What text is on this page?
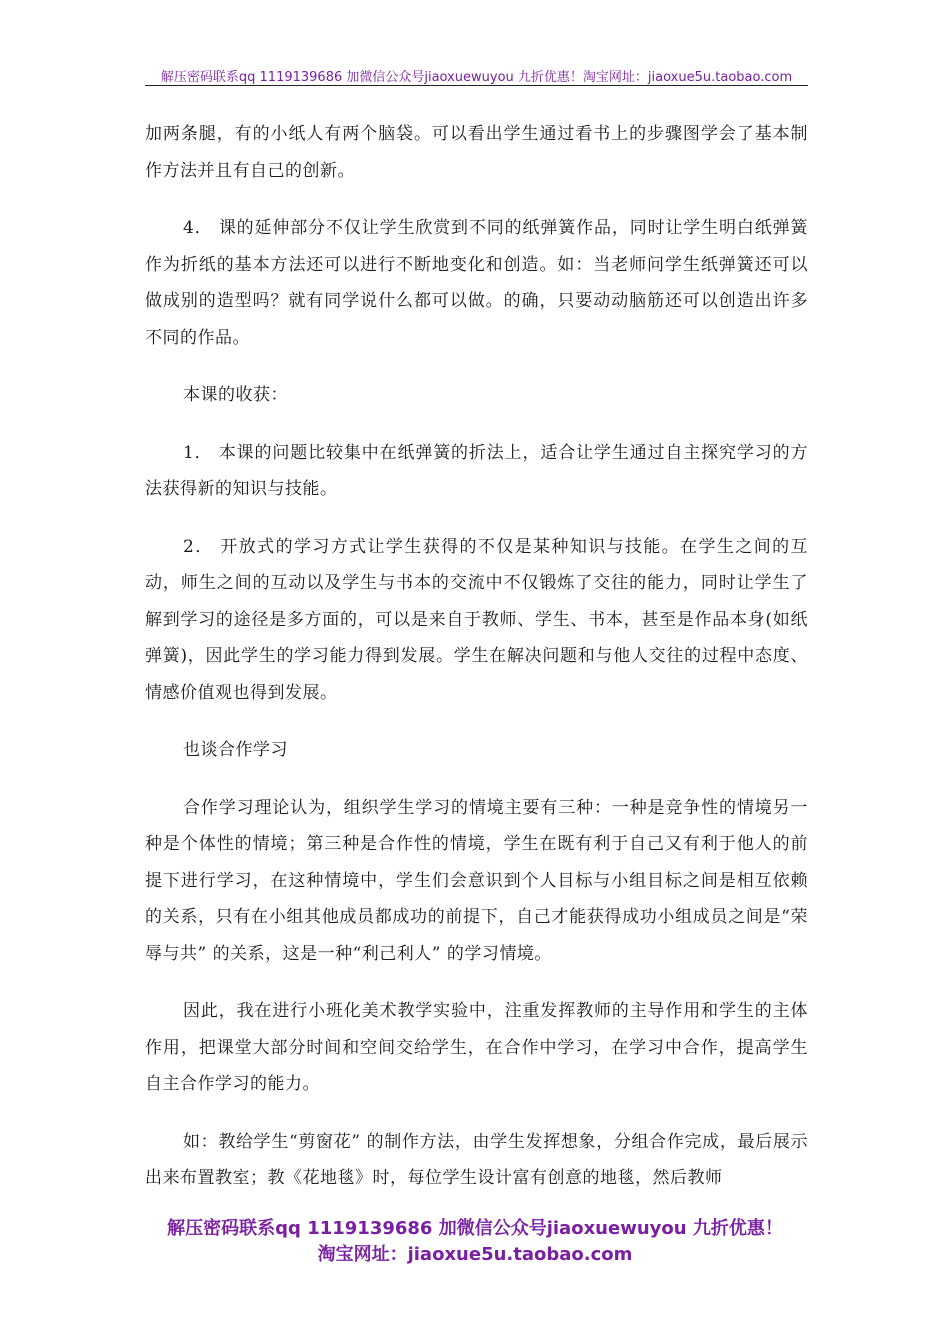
解压密码联系qq 1119139686 加微信公众号jiaoxuewuyou 九折优惠！淘宝网址：jiaoxue5u.taobao.com

加两条腿，有的小纸人有两个脑袋。可以看出学生通过看书上的步骤图学会了基本制作方法并且有自己的创新。

4． 课的延伸部分不仅让学生欣赏到不同的纸弹簧作品，同时让学生明白纸弹簧作为折纸的基本方法还可以进行不断地变化和创造。如：当老师问学生纸弹簧还可以做成别的造型吗？就有同学说什么都可以做。的确，只要动动脑筋还可以创造出许多不同的作品。

本课的收获：

1． 本课的问题比较集中在纸弹簧的折法上，适合让学生通过自主探究学习的方法获得新的知识与技能。

2． 开放式的学习方式让学生获得的不仅是某种知识与技能。在学生之间的互动，师生之间的互动以及学生与书本的交流中不仅锻炼了交往的能力，同时让学生了解到学习的途径是多方面的，可以是来自于教师、学生、书本，甚至是作品本身(如纸弹簧)，因此学生的学习能力得到发展。学生在解决问题和与他人交往的过程中态度、情感价值观也得到发展。

也谈合作学习

合作学习理论认为，组织学生学习的情境主要有三种：一种是竞争性的情境另一种是个体性的情境；第三种是合作性的情境，学生在既有利于自己又有利于他人的前提下进行学习，在这种情境中，学生们会意识到个人目标与小组目标之间是相互依赖的关系，只有在小组其他成员都成功的前提下，自己才能获得成功小组成员之间是“荣辱与共” 的关系，这是一种“利己利人” 的学习情境。

因此，我在进行小班化美术教学实验中，注重发挥教师的主导作用和学生的主体作用，把课堂大部分时间和空间交给学生，在合作中学习，在学习中合作，提高学生自主合作学习的能力。

如：教给学生“剪窗花” 的制作方法，由学生发挥想象，分组合作完成，最后展示出来布置教室；教《花地毯》时，每位学生设计富有创意的地毯，然后教师

解压密码联系qq 1119139686 加微信公众号jiaoxuewuyou 九折优惠！
淘宝网址：jiaoxue5u.taobao.com
